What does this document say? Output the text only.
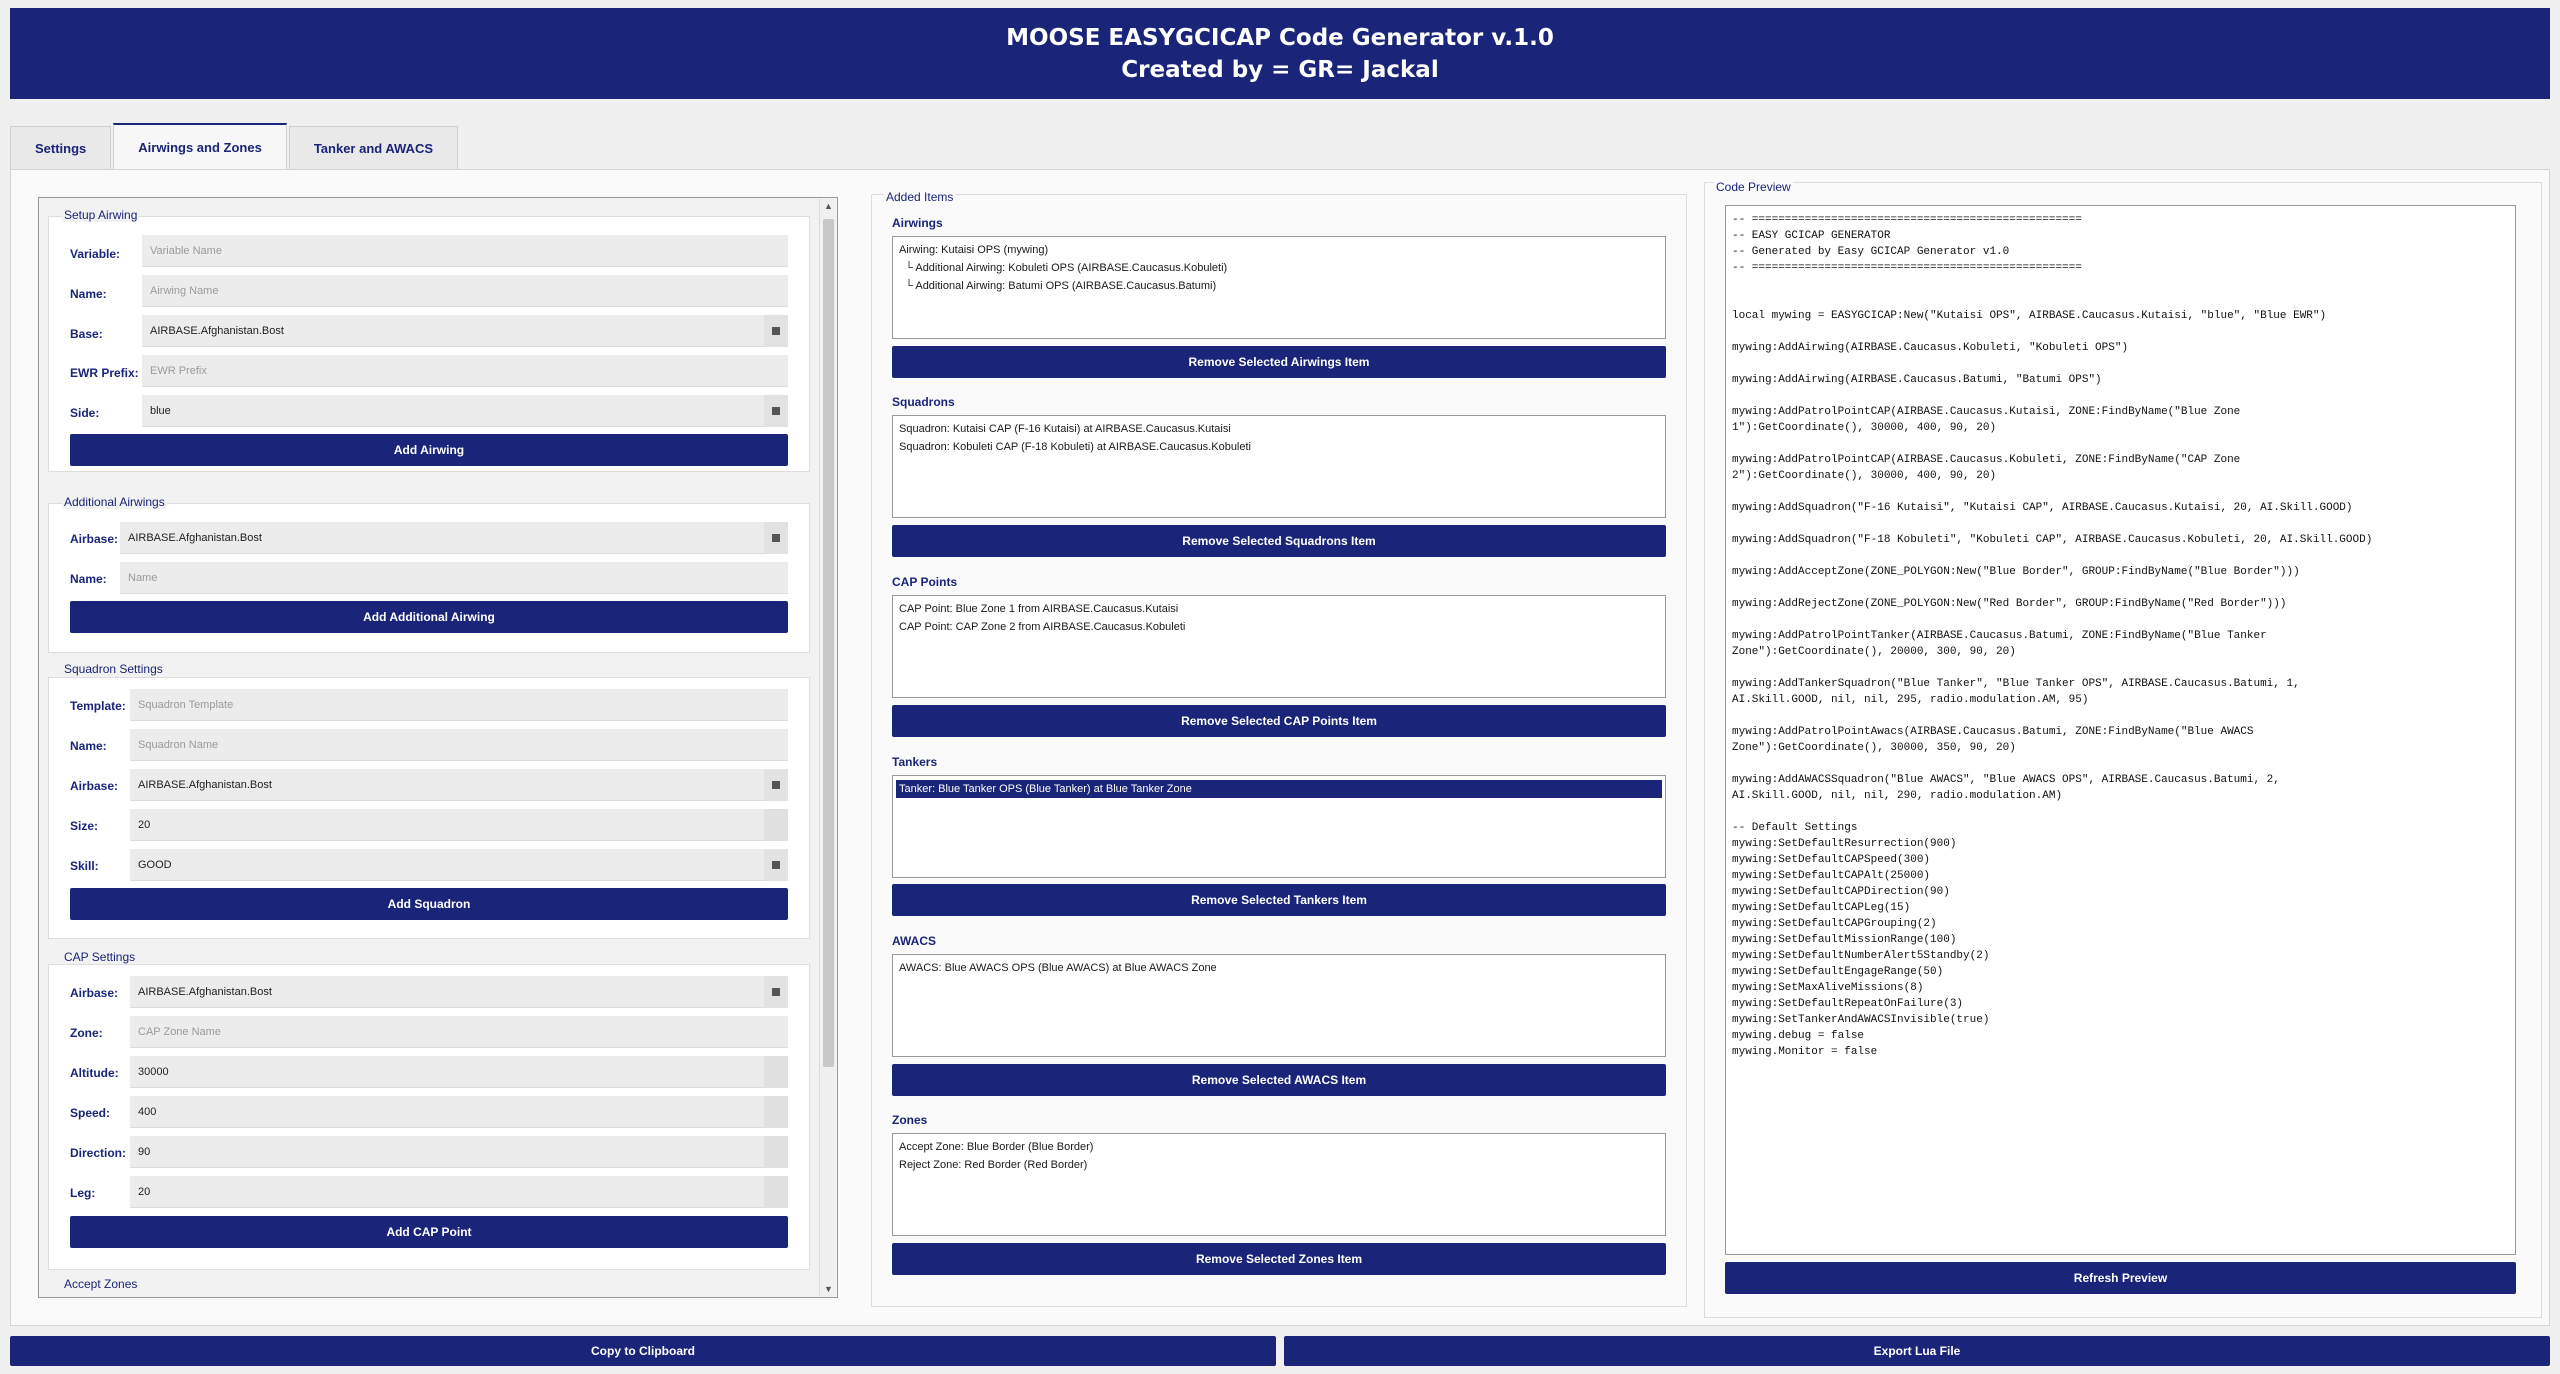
MOOSE EASYGCICAP Code Generator v.1.0
Created by = GR= Jackal
Settings	Airwings and Zones	Tanker and AWACS
▲
▼
Setup Airwing
Variable:	Variable Name
Name:	Airwing Name
Base:	AIRBASE.Afghanistan.Bost
EWR Prefix:	EWR Prefix
Side:	blue
Add Airwing
Additional Airwings
Airbase: AIRBASE.Afghanistan.Bost
Name:	Name
Add Additional Airwing
Squadron Settings
Template:	Squadron Template
Name:	Squadron Name
Airbase: AIRBASE.Afghanistan.Bost
Size:	20
Skill:	GOOD
Add Squadron
CAP Settings
Airbase: AIRBASE.Afghanistan.Bost
Zone:	CAP Zone Name
Altitude: 30000
Speed:	400
Direction: 90
Leg:	20
Add CAP Point
Accept Zones
Added Items
Airwings
Airwing: Kutaisi OPS (mywing)
└ Additional Airwing: Kobuleti OPS (AIRBASE.Caucasus.Kobuleti)
└ Additional Airwing: Batumi OPS (AIRBASE.Caucasus.Batumi)
Remove Selected Airwings Item
Squadrons
Squadron: Kutaisi CAP (F-16 Kutaisi) at AIRBASE.Caucasus.Kutaisi
Squadron: Kobuleti CAP (F-18 Kobuleti) at AIRBASE.Caucasus.Kobuleti
Remove Selected Squadrons Item
CAP Points
CAP Point: Blue Zone 1 from AIRBASE.Caucasus.Kutaisi
CAP Point: CAP Zone 2 from AIRBASE.Caucasus.Kobuleti
Remove Selected CAP Points Item
Tankers
Tanker: Blue Tanker OPS (Blue Tanker) at Blue Tanker Zone
Remove Selected Tankers Item
AWACS
AWACS: Blue AWACS OPS (Blue AWACS) at Blue AWACS Zone
Remove Selected AWACS Item
Zones
Accept Zone: Blue Border (Blue Border)
Reject Zone: Red Border (Red Border)
Remove Selected Zones Item
Code Preview
-- ==================================================
-- EASY GCICAP GENERATOR
-- Generated by Easy GCICAP Generator v1.0
-- ==================================================

local mywing = EASYGCICAP:New("Kutaisi OPS", AIRBASE.Caucasus.Kutaisi, "blue", "Blue EWR")

mywing:AddAirwing(AIRBASE.Caucasus.Kobuleti, "Kobuleti OPS")

mywing:AddAirwing(AIRBASE.Caucasus.Batumi, "Batumi OPS")

mywing:AddPatrolPointCAP(AIRBASE.Caucasus.Kutaisi, ZONE:FindByName("Blue Zone
1"):GetCoordinate(), 30000, 400, 90, 20)

mywing:AddPatrolPointCAP(AIRBASE.Caucasus.Kobuleti, ZONE:FindByName("CAP Zone
2"):GetCoordinate(), 30000, 400, 90, 20)

mywing:AddSquadron("F-16 Kutaisi", "Kutaisi CAP", AIRBASE.Caucasus.Kutaisi, 20, AI.Skill.GOOD)

mywing:AddSquadron("F-18 Kobuleti", "Kobuleti CAP", AIRBASE.Caucasus.Kobuleti, 20, AI.Skill.GOOD)

mywing:AddAcceptZone(ZONE_POLYGON:New("Blue Border", GROUP:FindByName("Blue Border")))

mywing:AddRejectZone(ZONE_POLYGON:New("Red Border", GROUP:FindByName("Red Border")))

mywing:AddPatrolPointTanker(AIRBASE.Caucasus.Batumi, ZONE:FindByName("Blue Tanker
Zone"):GetCoordinate(), 20000, 300, 90, 20)

mywing:AddTankerSquadron("Blue Tanker", "Blue Tanker OPS", AIRBASE.Caucasus.Batumi, 1,
AI.Skill.GOOD, nil, nil, 295, radio.modulation.AM, 95)

mywing:AddPatrolPointAwacs(AIRBASE.Caucasus.Batumi, ZONE:FindByName("Blue AWACS
Zone"):GetCoordinate(), 30000, 350, 90, 20)

mywing:AddAWACSSquadron("Blue AWACS", "Blue AWACS OPS", AIRBASE.Caucasus.Batumi, 2,
AI.Skill.GOOD, nil, nil, 290, radio.modulation.AM)

-- Default Settings
mywing:SetDefaultResurrection(900)
mywing:SetDefaultCAPSpeed(300)
mywing:SetDefaultCAPAlt(25000)
mywing:SetDefaultCAPDirection(90)
mywing:SetDefaultCAPLeg(15)
mywing:SetDefaultCAPGrouping(2)
mywing:SetDefaultMissionRange(100)
mywing:SetDefaultNumberAlert5Standby(2)
mywing:SetDefaultEngageRange(50)
mywing:SetMaxAliveMissions(8)
mywing:SetDefaultRepeatOnFailure(3)
mywing:SetTankerAndAWACSInvisible(true)
mywing.debug = false
mywing.Monitor = false
Refresh Preview
Copy to Clipboard	Export Lua File
